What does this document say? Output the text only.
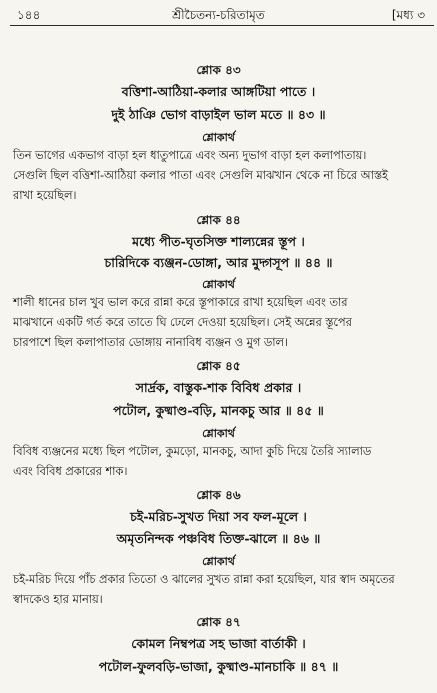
১৪৪	শ্রীচৈতন্য-চরিতামৃত	[মধ্য ৩
শ্লোক ৪৩
বত্তিশা-আঠিয়া-কলার আঙ্গটিয়া পাতে ।
দুই ঠাঞি ভোগ বাড়াইল ভাল মতে ॥ ৪৩ ॥
শ্লোকার্থ
তিন ভাগের একভাগ বাড়া হল ধাতুপাত্রে এবং অন্য দুভাগ বাড়া হল কলাপাতায়।
সেগুলি ছিল বত্তিশা-আঠিয়া কলার পাতা এবং সেগুলি মাঝখান থেকে না চিরে আস্তই
রাখা হয়েছিল।
শ্লোক ৪৪
মধ্যে পীত-ঘৃতসিক্ত শাল্যন্নের স্তূপ ।
চারিদিকে ব্যঞ্জন-ডোঙ্গা, আর মুদ্গসূপ ॥ ৪৪ ॥
শ্লোকার্থ
শালী ধানের চাল খুব ভাল করে রান্না করে স্তূপাকারে রাখা হয়েছিল এবং তার
মাঝখানে একটি গর্ত করে তাতে ঘি ঢেলে দেওয়া হয়েছিল। সেই অন্নের স্তূপের
চারপাশে ছিল কলাপাতার ডোঙ্গায় নানাবিধ ব্যঞ্জন ও মুগ ডাল।
শ্লোক ৪৫
সার্দ্রক, বাস্তুক-শাক বিবিধ প্রকার ।
পটোল, কুষ্মাণ্ড-বড়ি, মানকচু আর ॥ ৪৫ ॥
শ্লোকার্থ
বিবিধ ব্যঞ্জনের মধ্যে ছিল পটোল, কুমড়ো, মানকচু, আদা কুচি দিয়ে তৈরি স্যালাড
এবং বিবিধ প্রকারের শাক।
শ্লোক ৪৬
চই-মরিচ-সুখত দিয়া সব ফল-মূলে ।
অমৃতনিন্দক পঞ্চবিধ তিক্ত-ঝালে ॥ ৪৬ ॥
শ্লোকার্থ
চই-মরিচ দিয়ে পাঁচ প্রকার তিতো ও ঝালের সুখত রান্না করা হয়েছিল, যার স্বাদ অমৃতের
স্বাদকেও হার মানায়।
শ্লোক ৪৭
কোমল নিম্বপত্র সহ ভাজা বার্তাকী ।
পটোল-ফুলবড়ি-ভাজা, কুষ্মাণ্ড-মানচাকি ॥ ৪৭ ॥
